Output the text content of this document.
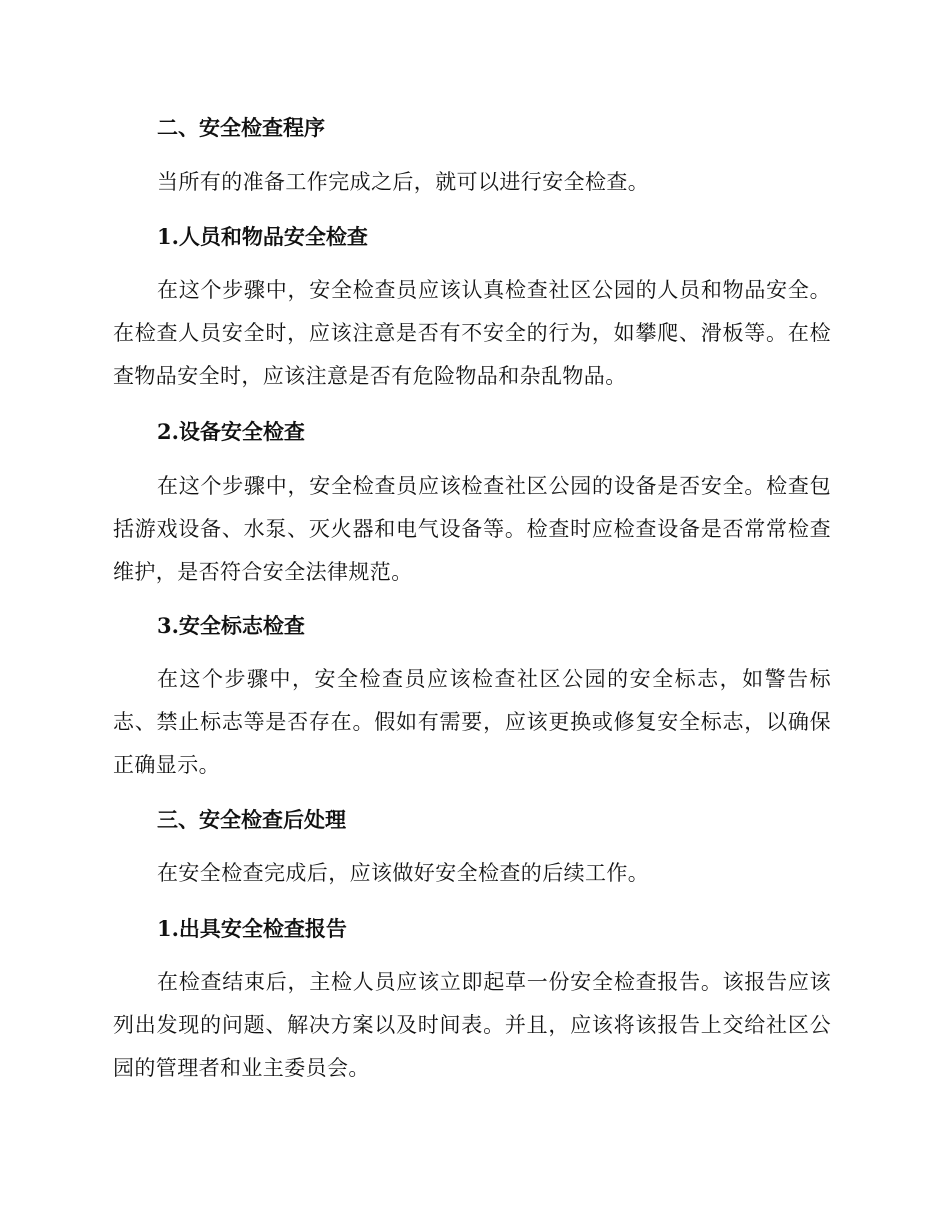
二、安全检查程序

当所有的准备工作完成之后，就可以进行安全检查。

1.人员和物品安全检查

在这个步骤中，安全检查员应该认真检查社区公园的人员和物品安全。在检查人员安全时，应该注意是否有不安全的行为，如攀爬、滑板等。在检查物品安全时，应该注意是否有危险物品和杂乱物品。

2.设备安全检查

在这个步骤中，安全检查员应该检查社区公园的设备是否安全。检查包括游戏设备、水泵、灭火器和电气设备等。检查时应检查设备是否常常检查维护，是否符合安全法律规范。

3.安全标志检查

在这个步骤中，安全检查员应该检查社区公园的安全标志，如警告标志、禁止标志等是否存在。假如有需要，应该更换或修复安全标志，以确保正确显示。

三、安全检查后处理

在安全检查完成后，应该做好安全检查的后续工作。

1.出具安全检查报告

在检查结束后，主检人员应该立即起草一份安全检查报告。该报告应该列出发现的问题、解决方案以及时间表。并且，应该将该报告上交给社区公园的管理者和业主委员会。
